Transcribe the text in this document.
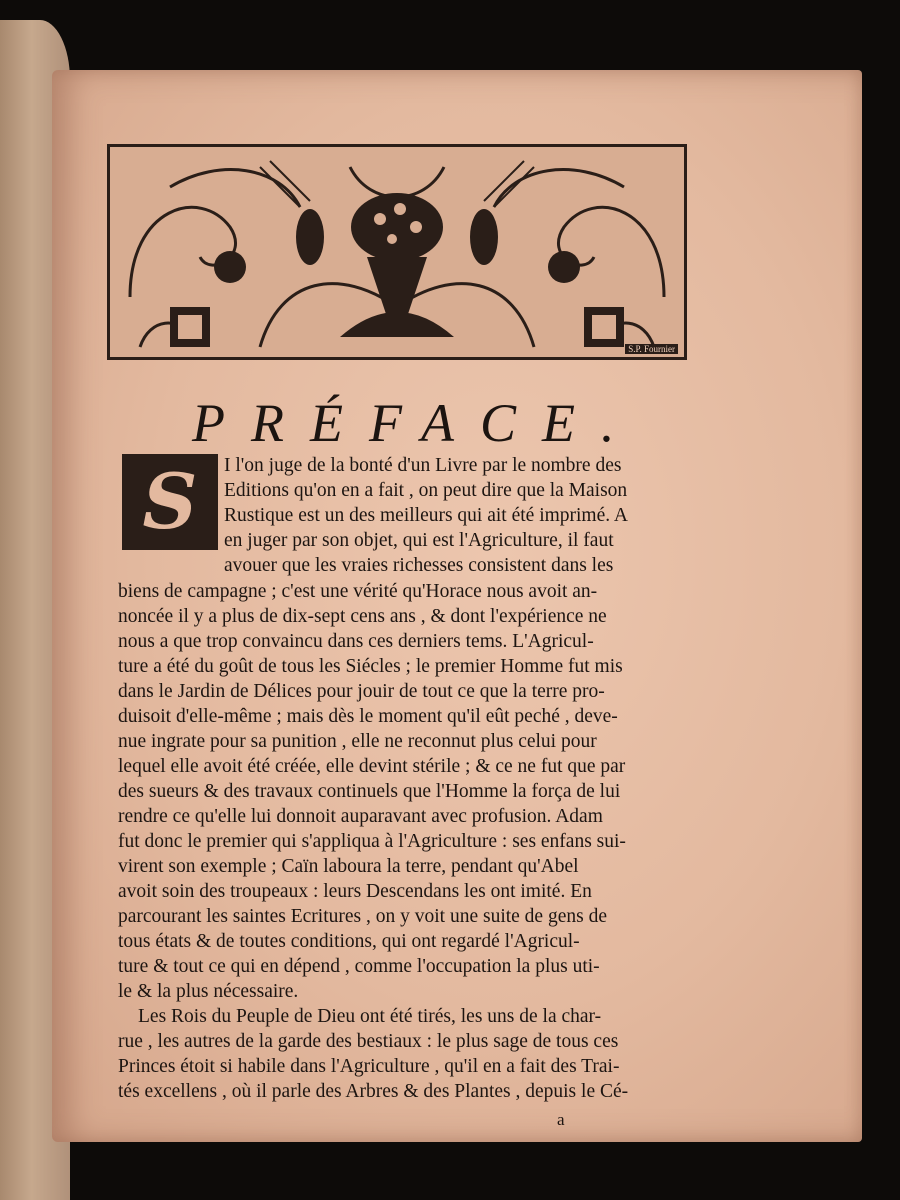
S.P. Fournier
PRÉFACE.
S	I l'on juge de la bonté d'un Livre par le nombre des
Editions qu'on en a fait , on peut dire que la Maison
Rustique est un des meilleurs qui ait été imprimé. A
en juger par son objet, qui est l'Agriculture, il faut
avouer que les vraies richesses consistent dans les
biens de campagne ; c'est une vérité qu'Horace nous avoit an-
noncée il y a plus de dix-sept cens ans , & dont l'expérience ne
nous a que trop convaincu dans ces derniers tems. L'Agricul-
ture a été du goût de tous les Siécles ; le premier Homme fut mis
dans le Jardin de Délices pour jouir de tout ce que la terre pro-
duisoit d'elle-même ; mais dès le moment qu'il eût peché , deve-
nue ingrate pour sa punition , elle ne reconnut plus celui pour
lequel elle avoit été créée, elle devint stérile ; & ce ne fut que par
des sueurs & des travaux continuels que l'Homme la força de lui
rendre ce qu'elle lui donnoit auparavant avec profusion. Adam
fut donc le premier qui s'appliqua à l'Agriculture : ses enfans sui-
virent son exemple ; Caïn laboura la terre, pendant qu'Abel
avoit soin des troupeaux : leurs Descendans les ont imité. En
parcourant les saintes Ecritures , on y voit une suite de gens de
tous états & de toutes conditions, qui ont regardé l'Agricul-
ture & tout ce qui en dépend , comme l'occupation la plus uti-
le & la plus nécessaire.
Les Rois du Peuple de Dieu ont été tirés, les uns de la char-
rue , les autres de la garde des bestiaux : le plus sage de tous ces
Princes étoit si habile dans l'Agriculture , qu'il en a fait des Trai-
tés excellens , où il parle des Arbres & des Plantes , depuis le Cé-
a
